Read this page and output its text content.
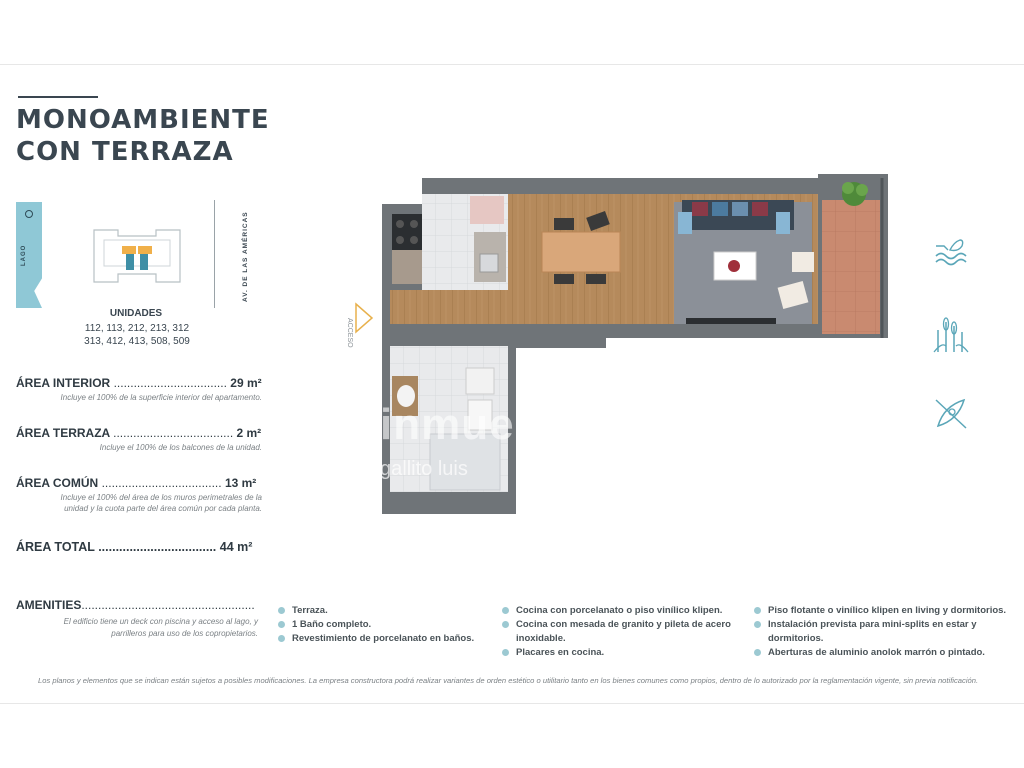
MONOAMBIENTE
CON TERRAZA
LAGO	AV. DE LAS AMÉRICAS
UNIDADES
112, 113, 212, 213, 312
313, 412, 413, 508, 509
ÁREA INTERIOR .................................. 29 m²
Incluye el 100% de la superficie interior del apartamento.
ÁREA TERRAZA .................................... 2 m²
Incluye el 100% de los balcones de la unidad.
ÁREA COMÚN .................................... 13 m²
Incluye el 100% del área de los muros perimetrales de la
unidad y la cuota parte del área común por cada planta.
ÁREA TOTAL .................................. 44 m²
ACCESO
inmuebles
gallito luis
AMENITIES....................................................
El edificio tiene un deck con piscina y acceso al lago, y
parrilleros para uso de los copropietarios.
Terraza.
1 Baño completo.
Revestimiento de porcelanato en baños.
Cocina con porcelanato o piso vinílico klipen.
Cocina con mesada de granito y pileta de acero
inoxidable.
Placares en cocina.
Piso flotante o vinílico klipen en living y dormitorios.
Instalación prevista para mini-splits en estar y
dormitorios.
Aberturas de aluminio anolok marrón o pintado.
Los planos y elementos que se indican están sujetos a posibles modificaciones. La empresa constructora podrá realizar variantes de orden estético o utilitario tanto en los bienes comunes como propios, dentro de lo autorizado por la reglamentación vigente, sin previa notificación.
